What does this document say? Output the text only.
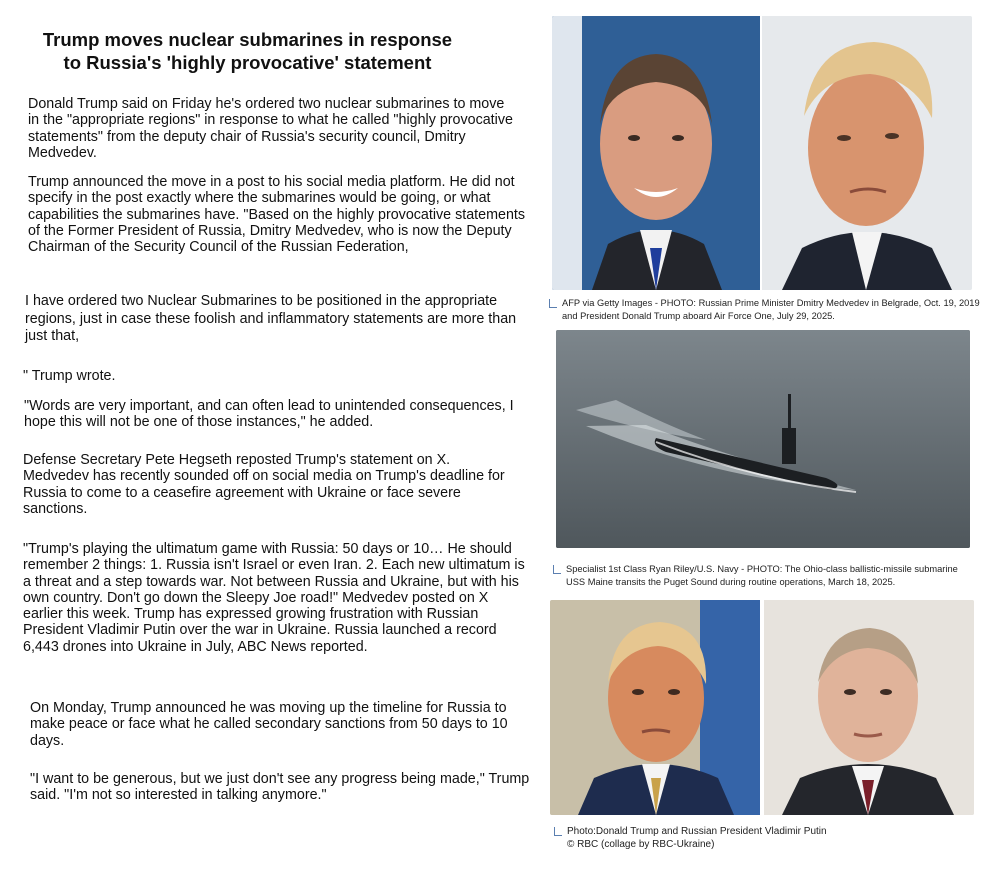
Trump moves nuclear submarines in response
to Russia's 'highly provocative' statement

Donald Trump said on Friday he's ordered two nuclear submarines to move in the "appropriate regions" in response to what he called "highly provocative statements" from the deputy chair of Russia's security council, Dmitry Medvedev.

Trump announced the move in a post to his social media platform. He did not specify in the post exactly where the submarines would be going, or what capabilities the submarines have. "Based on the highly provocative statements of the Former President of Russia, Dmitry Medvedev, who is now the Deputy Chairman of the Security Council of the Russian Federation,

I have ordered two Nuclear Submarines to be positioned in the appropriate regions, just in case these foolish and inflammatory statements are more than just that,

" Trump wrote.

"Words are very important, and can often lead to unintended consequences, I hope this will not be one of those instances," he added.

Defense Secretary Pete Hegseth reposted Trump's statement on X. Medvedev has recently sounded off on social media on Trump's deadline for Russia to come to a ceasefire agreement with Ukraine or face severe sanctions.

"Trump's playing the ultimatum game with Russia: 50 days or 10… He should remember 2 things: 1. Russia isn't Israel or even Iran. 2. Each new ultimatum is a threat and a step towards war. Not between Russia and Ukraine, but with his own country. Don't go down the Sleepy Joe road!" Medvedev posted on X earlier this week. Trump has expressed growing frustration with Russian President Vladimir Putin over the war in Ukraine. Russia launched a record 6,443 drones into Ukraine in July, ABC News reported.

On Monday, Trump announced he was moving up the timeline for Russia to make peace or face what he called secondary sanctions from 50 days to 10 days.

"I want to be generous, but we just don't see any progress being made," Trump said. "I'm not so interested in talking anymore."

AFP via Getty Images - PHOTO: Russian Prime Minister Dmitry Medvedev in Belgrade, Oct. 19, 2019
and President Donald Trump aboard Air Force One, July 29, 2025.
Specialist 1st Class Ryan Riley/U.S. Navy - PHOTO: The Ohio-class ballistic-missile submarine
USS Maine transits the Puget Sound during routine operations, March 18, 2025.
Photo:Donald Trump and Russian President Vladimir Putin
© RBC (collage by RBC-Ukraine)
